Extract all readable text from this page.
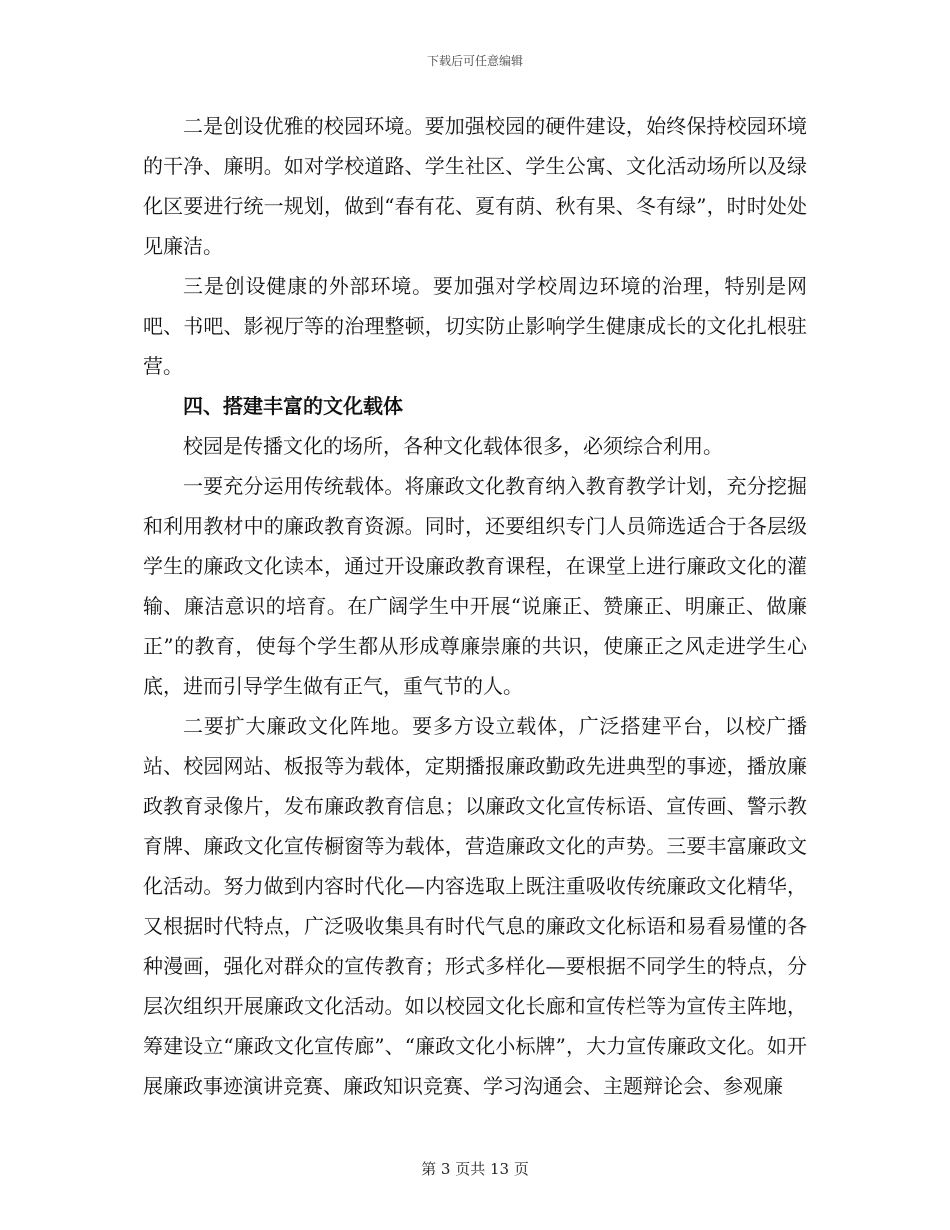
下载后可任意编辑

二是创设优雅的校园环境。要加强校园的硬件建设，始终保持校园环境的干净、廉明。如对学校道路、学生社区、学生公寓、文化活动场所以及绿化区要进行统一规划，做到“春有花、夏有荫、秋有果、冬有绿”，时时处处见廉洁。

三是创设健康的外部环境。要加强对学校周边环境的治理，特别是网吧、书吧、影视厅等的治理整顿，切实防止影响学生健康成长的文化扎根驻营。

四、搭建丰富的文化载体

校园是传播文化的场所，各种文化载体很多，必须综合利用。

一要充分运用传统载体。将廉政文化教育纳入教育教学计划，充分挖掘和利用教材中的廉政教育资源。同时，还要组织专门人员筛选适合于各层级学生的廉政文化读本，通过开设廉政教育课程，在课堂上进行廉政文化的灌输、廉洁意识的培育。在广阔学生中开展“说廉正、赞廉正、明廉正、做廉正”的教育，使每个学生都从形成尊廉崇廉的共识，使廉正之风走进学生心底，进而引导学生做有正气，重气节的人。

二要扩大廉政文化阵地。要多方设立载体，广泛搭建平台，以校广播站、校园网站、板报等为载体，定期播报廉政勤政先进典型的事迹，播放廉政教育录像片，发布廉政教育信息；以廉政文化宣传标语、宣传画、警示教育牌、廉政文化宣传橱窗等为载体，营造廉政文化的声势。三要丰富廉政文化活动。努力做到内容时代化—内容选取上既注重吸收传统廉政文化精华，又根据时代特点，广泛吸收集具有时代气息的廉政文化标语和易看易懂的各种漫画，强化对群众的宣传教育；形式多样化—要根据不同学生的特点，分层次组织开展廉政文化活动。如以校园文化长廊和宣传栏等为宣传主阵地，筹建设立“廉政文化宣传廊”、“廉政文化小标牌”，大力宣传廉政文化。如开展廉政事迹演讲竞赛、廉政知识竞赛、学习沟通会、主题辩论会、参观廉

第 3 页共 13 页
